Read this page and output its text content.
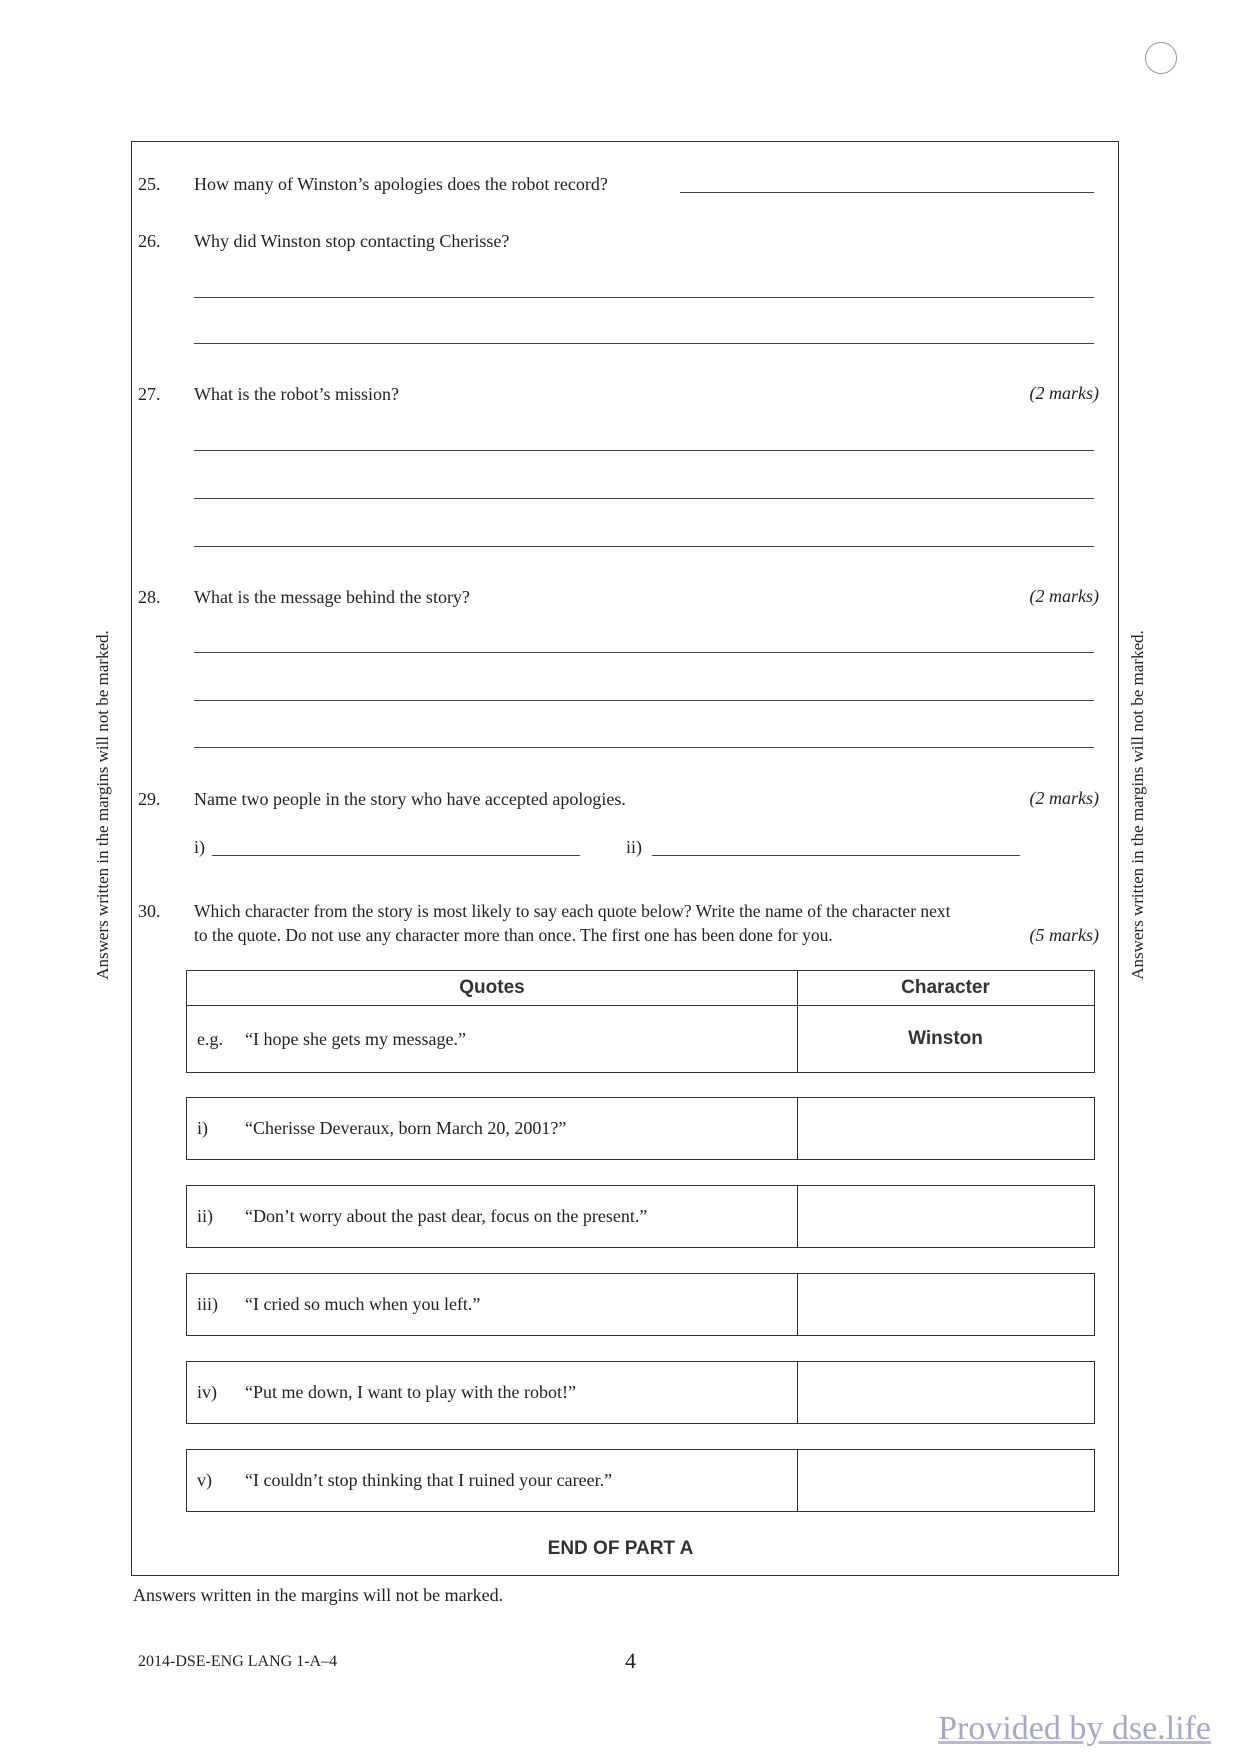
Answers written in the margins will not be marked.	Answers written in the margins will not be marked.
25. How many of Winston’s apologies does the robot record?
26. Why did Winston stop contacting Cherisse?
27. What is the robot’s mission?	(2 marks)
28. What is the message behind the story?	(2 marks)
29. Name two people in the story who have accepted apologies.	(2 marks)
i)	ii)
30. Which character from the story is most likely to say each quote below? Write the name of the character next
to the quote. Do not use any character more than once. The first one has been done for you.	(5 marks)
Quotes	Character
e.g. “I hope she gets my message.”	Winston
i) “Cherisse Deveraux, born March 20, 2001?”
ii) “Don’t worry about the past dear, focus on the present.”
iii) “I cried so much when you left.”
iv) “Put me down, I want to play with the robot!”
v) “I couldn’t stop thinking that I ruined your career.”
END OF PART A
Answers written in the margins will not be marked.
2014-DSE-ENG LANG 1-A–4	4
Provided by dse.life
